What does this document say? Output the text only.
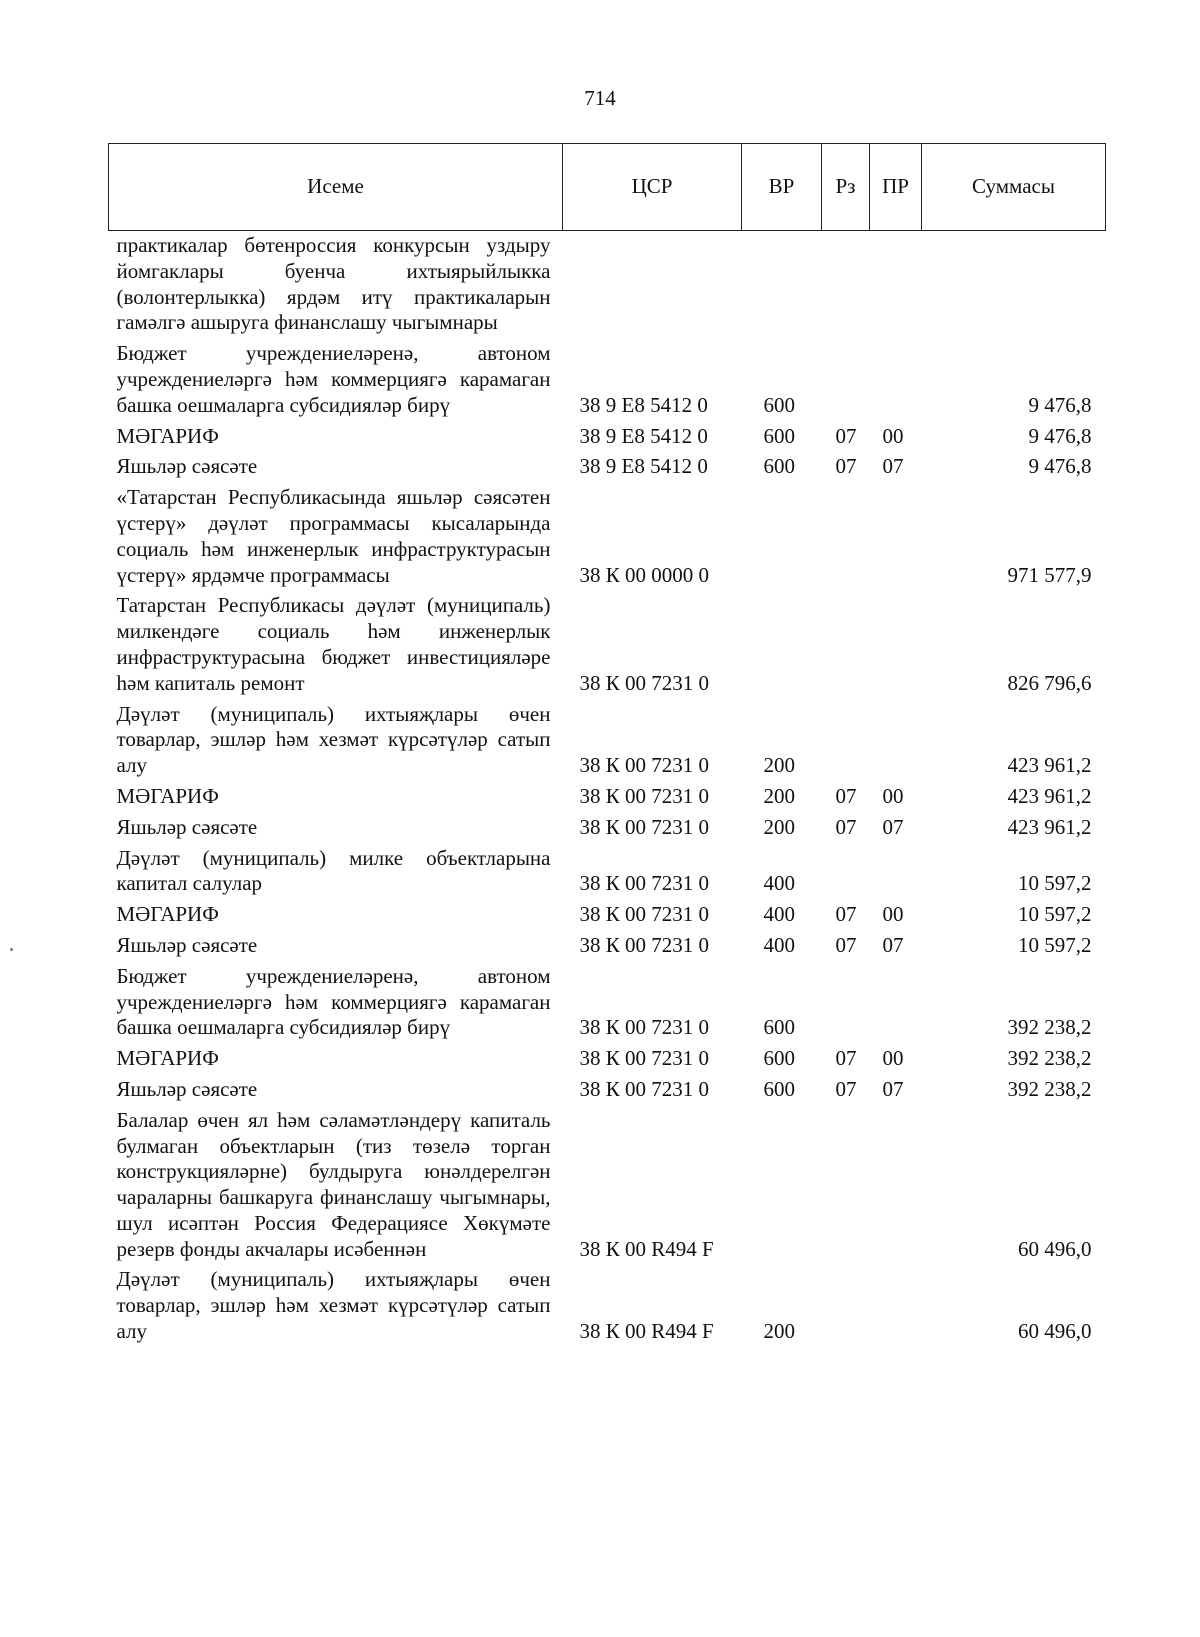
714
Исеме	ЦСР	ВР	Рз	ПР	Суммасы
практикалар бөтенроссия конкурсын уздыру йомгаклары буенча ихтыярыйлыкка (волонтерлыкка) ярдәм итү практикаларын гамәлгә ашыруга финанслашу чыгымнары					
Бюджет учреждениеләренә, автоном учреждениеләргә һәм коммерциягә карамаган башка оешмаларга субсидияләр бирү	38 9 E8 5412 0	600			9 476,8
МӘГАРИФ	38 9 E8 5412 0	600	07	00	9 476,8
Яшьләр сәясәте	38 9 E8 5412 0	600	07	07	9 476,8
«Татарстан Республикасында яшьләр сәясәтен үстерү» дәүләт программасы кысаларында социаль һәм инженерлык инфраструктурасын үстерү» ярдәмче программасы	38 К 00 0000 0				971 577,9
Татарстан Республикасы дәүләт (муниципаль) милкендәге социаль һәм инженерлык инфраструктурасына бюджет инвестицияләре һәм капиталь ремонт	38 К 00 7231 0				826 796,6
Дәүләт (муниципаль) ихтыяҗлары өчен товарлар, эшләр һәм хезмәт күрсәтүләр сатып алу	38 К 00 7231 0	200			423 961,2
МӘГАРИФ	38 К 00 7231 0	200	07	00	423 961,2
Яшьләр сәясәте	38 К 00 7231 0	200	07	07	423 961,2
Дәүләт (муниципаль) милке объектларына капитал салулар	38 К 00 7231 0	400			10 597,2
МӘГАРИФ	38 К 00 7231 0	400	07	00	10 597,2
Яшьләр сәясәте	38 К 00 7231 0	400	07	07	10 597,2
Бюджет учреждениеләренә, автоном учреждениеләргә һәм коммерциягә карамаган башка оешмаларга субсидияләр бирү	38 К 00 7231 0	600			392 238,2
МӘГАРИФ	38 К 00 7231 0	600	07	00	392 238,2
Яшьләр сәясәте	38 К 00 7231 0	600	07	07	392 238,2
Балалар өчен ял һәм сәламәтләндерү капиталь булмаган объектларын (тиз төзелә торган конструкцияләрне) булдыруга юнәлдерелгән чараларны башкаруга финанслашу чыгымнары, шул исәптән Россия Федерациясе Хөкүмәте резерв фонды акчалары исәбеннән	38 К 00 R494 F				60 496,0
Дәүләт (муниципаль) ихтыяҗлары өчен товарлар, эшләр һәм хезмәт күрсәтүләр сатып алу	38 К 00 R494 F	200			60 496,0
